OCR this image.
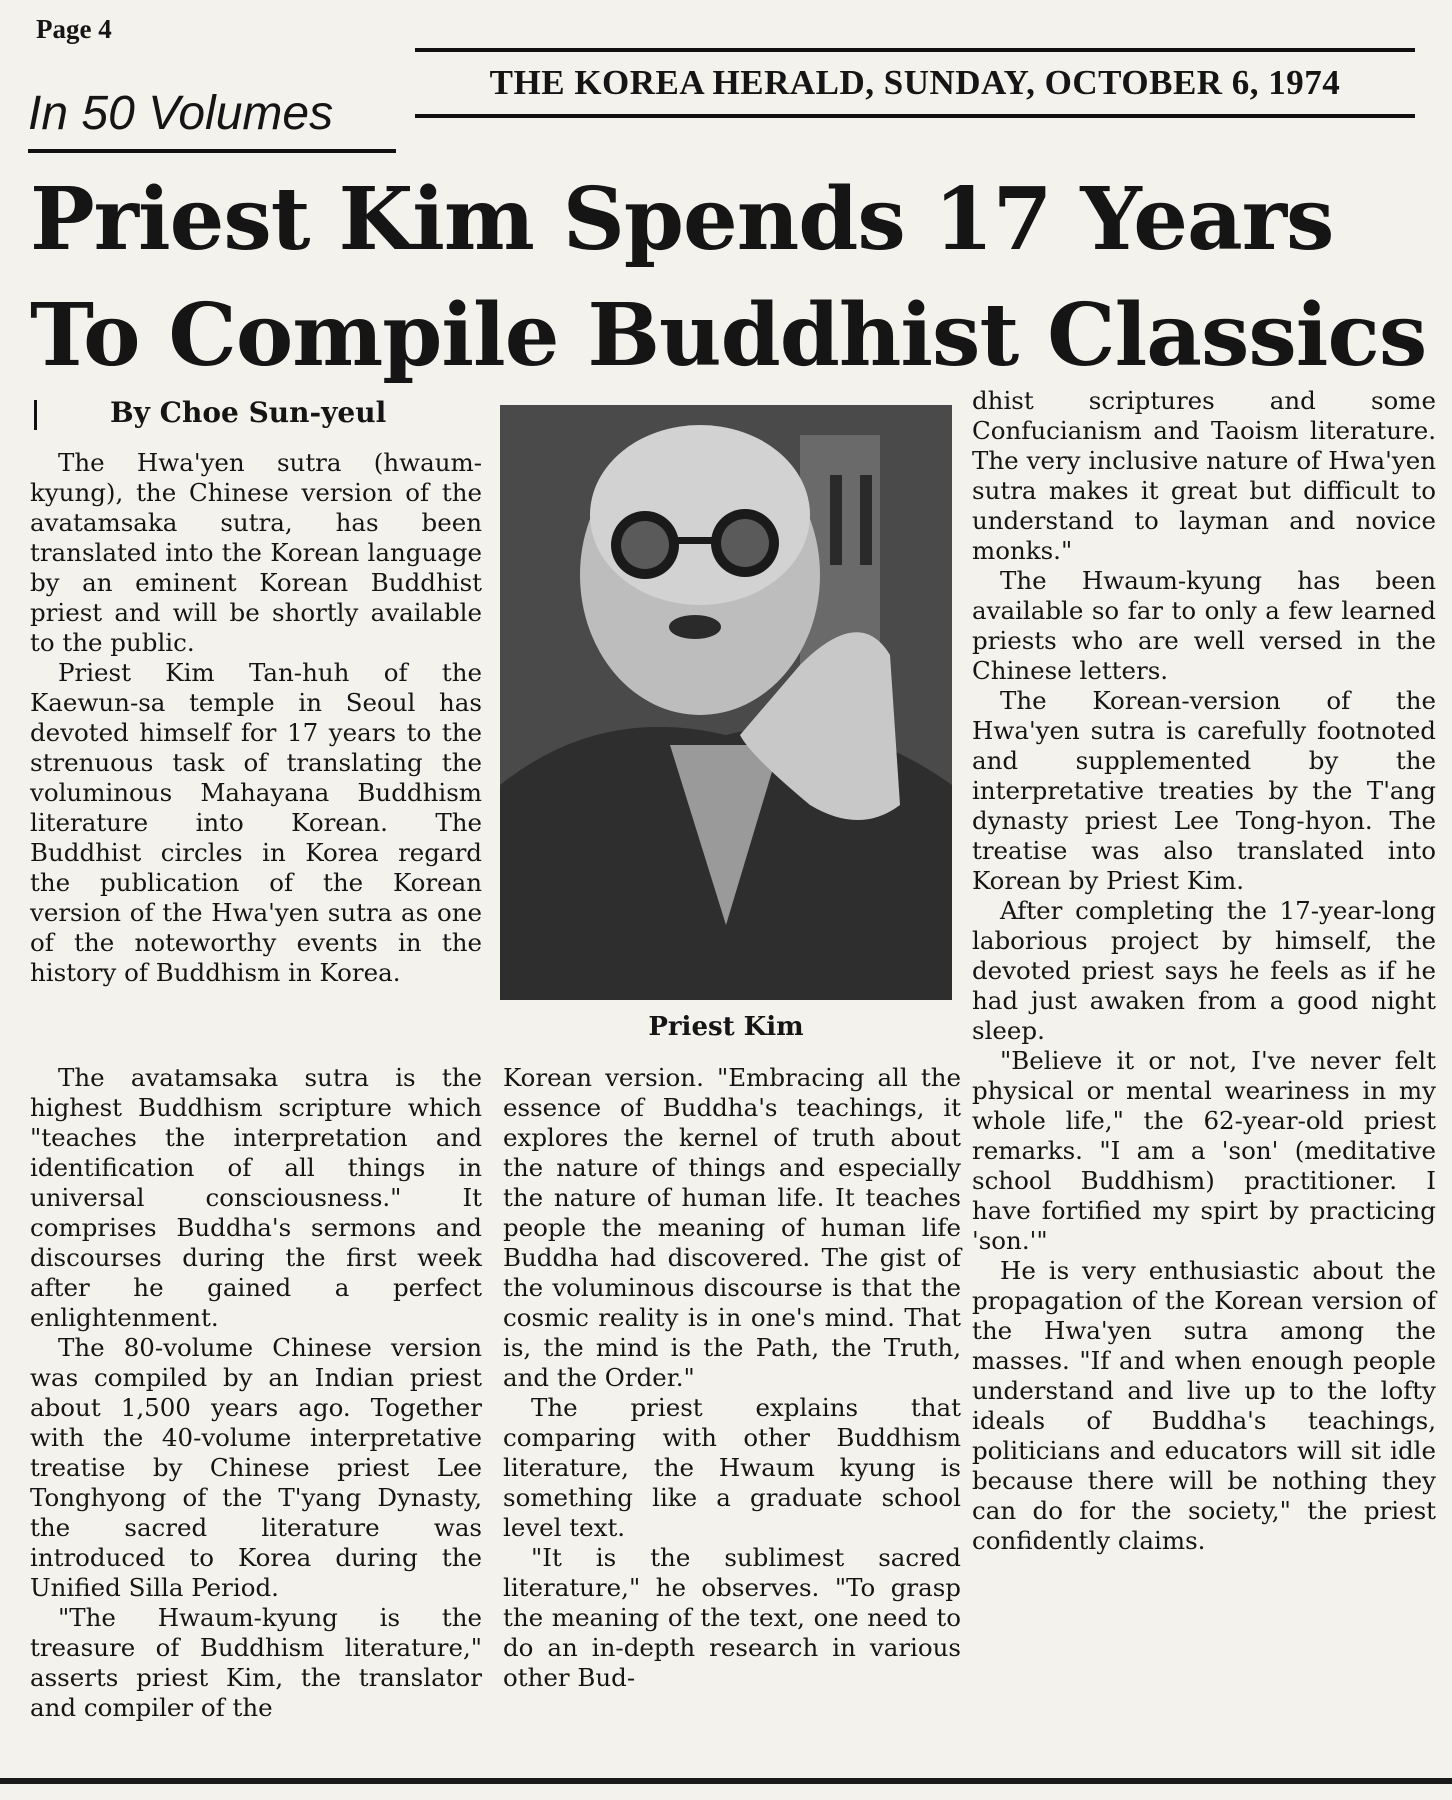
Page 4
THE KOREA HERALD, SUNDAY, OCTOBER 6, 1974
In 50 Volumes
Priest Kim Spends 17 Years
To Compile Buddhist Classics
By Choe Sun-yeul

The Hwa'yen sutra (hwaum-kyung), the Chinese version of the avatamsaka sutra, has been translated into the Korean language by an eminent Korean Buddhist priest and will be shortly available to the public.

Priest Kim Tan-huh of the Kaewun-sa temple in Seoul has devoted himself for 17 years to the strenuous task of translating the voluminous Mahayana Buddhism literature into Korean. The Buddhist circles in Korea regard the publication of the Korean version of the Hwa'yen sutra as one of the noteworthy events in the history of Buddhism in Korea.

Priest Kim

The avatamsaka sutra is the highest Buddhism scripture which "teaches the interpretation and identification of all things in universal consciousness." It comprises Buddha's sermons and discourses during the first week after he gained a perfect enlightenment.

The 80-volume Chinese version was compiled by an Indian priest about 1,500 years ago. Together with the 40-volume interpretative treatise by Chinese priest Lee Tonghyong of the T'yang Dynasty, the sacred literature was introduced to Korea during the Unified Silla Period.

"The Hwaum-kyung is the treasure of Buddhism literature," asserts priest Kim, the translator and compiler of the

Korean version. "Embracing all the essence of Buddha's teachings, it explores the kernel of truth about the nature of things and especially the nature of human life. It teaches people the meaning of human life Buddha had discovered. The gist of the voluminous discourse is that the cosmic reality is in one's mind. That is, the mind is the Path, the Truth, and the Order."

The priest explains that comparing with other Buddhism literature, the Hwaum kyung is something like a graduate school level text.

"It is the sublimest sacred literature," he observes. "To grasp the meaning of the text, one need to do an in-depth research in various other Bud-

dhist scriptures and some Confucianism and Taoism literature. The very inclusive nature of Hwa'yen sutra makes it great but difficult to understand to layman and novice monks."

The Hwaum-kyung has been available so far to only a few learned priests who are well versed in the Chinese letters.

The Korean-version of the Hwa'yen sutra is carefully footnoted and supplemented by the interpretative treaties by the T'ang dynasty priest Lee Tong-hyon. The treatise was also translated into Korean by Priest Kim.

After completing the 17-year-long laborious project by himself, the devoted priest says he feels as if he had just awaken from a good night sleep.

"Believe it or not, I've never felt physical or mental weariness in my whole life," the 62-year-old priest remarks. "I am a 'son' (meditative school Buddhism) practitioner. I have fortified my spirt by practicing 'son.'"

He is very enthusiastic about the propagation of the Korean version of the Hwa'yen sutra among the masses. "If and when enough people understand and live up to the lofty ideals of Buddha's teachings, politicians and educators will sit idle because there will be nothing they can do for the society," the priest confidently claims.
